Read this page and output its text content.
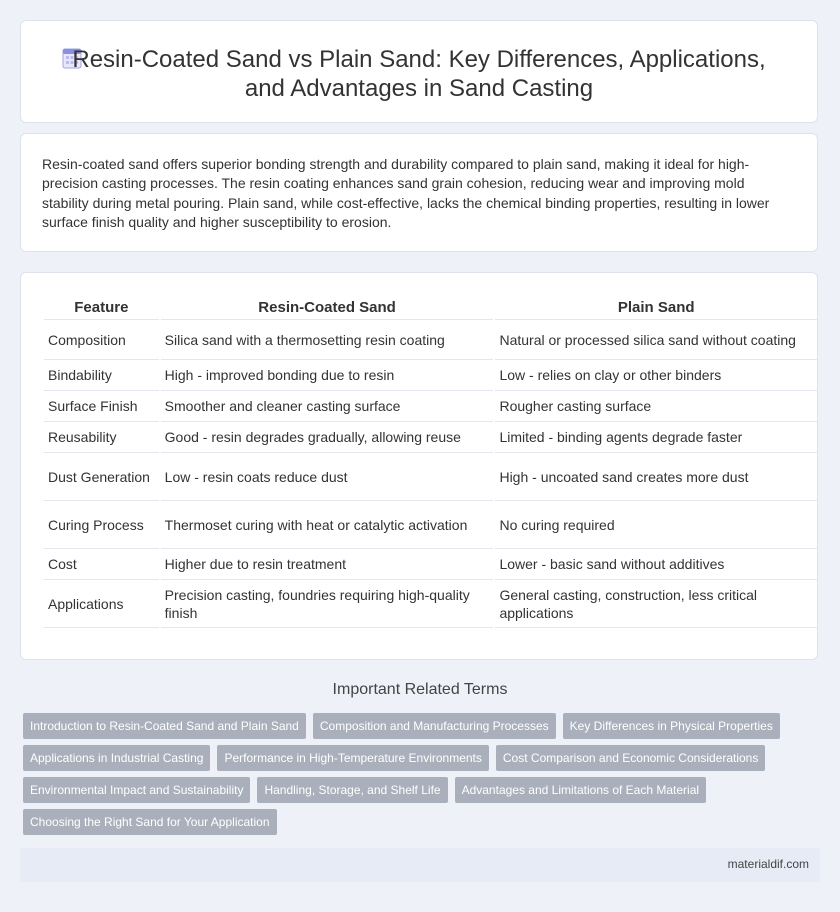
Resin-Coated Sand vs Plain Sand: Key Differences, Applications,
and Advantages in Sand Casting

Resin-coated sand offers superior bonding strength and durability compared to plain sand, making it ideal for high-precision casting processes. The resin coating enhances sand grain cohesion, reducing wear and improving mold stability during metal pouring. Plain sand, while cost-effective, lacks the chemical binding properties, resulting in lower surface finish quality and higher susceptibility to erosion.

Feature	Resin-Coated Sand	Plain Sand
Composition	Silica sand with a thermosetting resin coating	Natural or processed silica sand without coating
Bindability	High - improved bonding due to resin	Low - relies on clay or other binders
Surface Finish	Smoother and cleaner casting surface	Rougher casting surface
Reusability	Good - resin degrades gradually, allowing reuse	Limited - binding agents degrade faster
Dust Generation	Low - resin coats reduce dust	High - uncoated sand creates more dust
Curing Process	Thermoset curing with heat or catalytic activation	No curing required
Cost	Higher due to resin treatment	Lower - basic sand without additives
Applications	Precision casting, foundries requiring high-quality finish	General casting, construction, less critical applications
Important Related Terms
Introduction to Resin-Coated Sand and Plain Sand	Composition and Manufacturing Processes	Key Differences in Physical Properties
Applications in Industrial Casting	Performance in High-Temperature Environments	Cost Comparison and Economic Considerations
Environmental Impact and Sustainability	Handling, Storage, and Shelf Life	Advantages and Limitations of Each Material
Choosing the Right Sand for Your Application
materialdif.com
